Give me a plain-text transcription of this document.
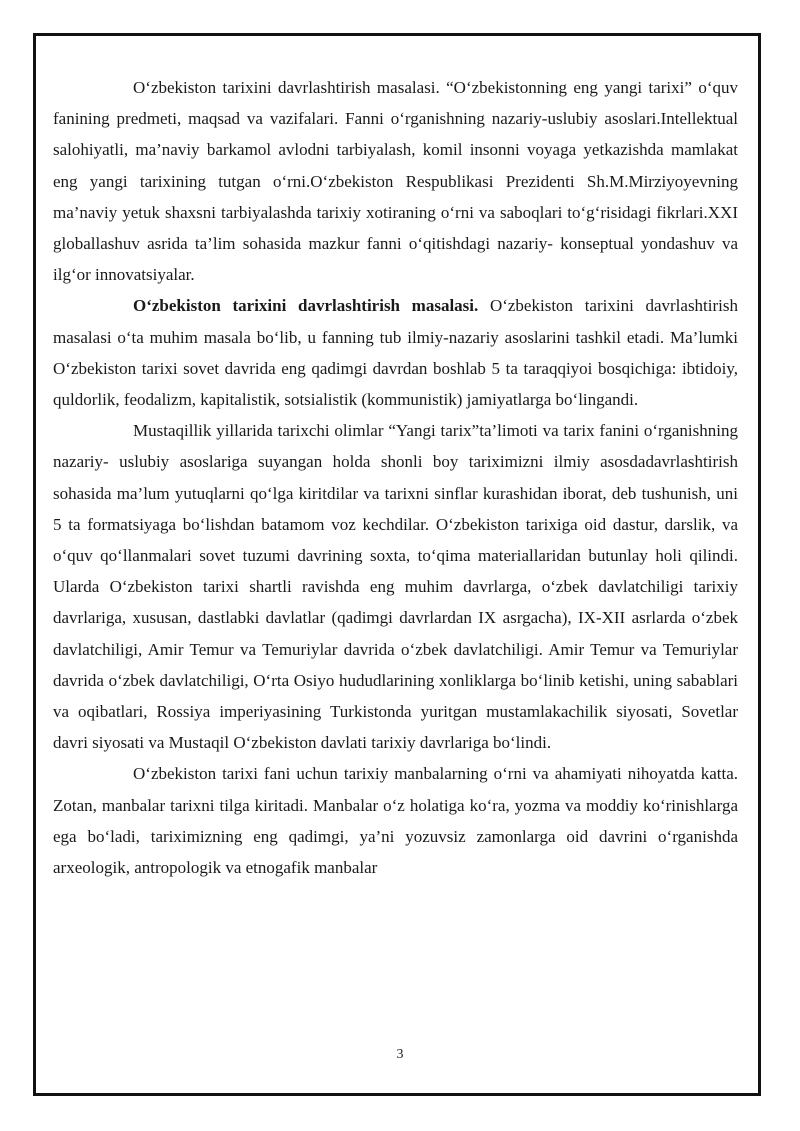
O‘zbekiston tarixini davrlashtirish masalasi. “O‘zbekistonning eng yangi tarixi” o‘quv fanining predmeti, maqsad va vazifalari. Fanni o‘rganishning nazariy-uslubiy asoslari.Intellektual salohiyatli, ma’naviy barkamol avlodni tarbiyalash, komil insonni voyaga yetkazishda mamlakat eng yangi tarixining tutgan o‘rni.O‘zbekiston Respublikasi Prezidenti Sh.M.Mirziyoyevning ma’naviy yetuk shaxsni tarbiyalashda tarixiy xotiraning o‘rni va saboqlari to‘g‘risidagi fikrlari.XXI globallashuv asrida ta’lim sohasida mazkur fanni o‘qitishdagi nazariy- konseptual yondashuv va ilg‘or innovatsiyalar.

O‘zbekiston tarixini davrlashtirish masalasi. O‘zbekiston tarixini davrlashtirish masalasi o‘ta muhim masala bo‘lib, u fanning tub ilmiy-nazariy asoslarini tashkil etadi. Ma’lumki O‘zbekiston tarixi sovet davrida eng qadimgi davrdan boshlab 5 ta taraqqiyoi bosqichiga: ibtidoiy, quldorlik, feodalizm, kapitalistik, sotsialistik (kommunistik) jamiyatlarga bo‘lingandi.

Mustaqillik yillarida tarixchi olimlar “Yangi tarix”ta’limoti va tarix fanini o‘rganishning nazariy- uslubiy asoslariga suyangan holda shonli boy tariximizni ilmiy asosdadavrlashtirish sohasida ma’lum yutuqlarni qo‘lga kiritdilar va tarixni sinflar kurashidan iborat, deb tushunish, uni 5 ta formatsiyaga bo‘lishdan batamom voz kechdilar. O‘zbekiston tarixiga oid dastur, darslik, va o‘quv qo‘llanmalari sovet tuzumi davrining soxta, to‘qima materiallaridan butunlay holi qilindi. Ularda O‘zbekiston tarixi shartli ravishda eng muhim davrlarga, o‘zbek davlatchiligi tarixiy davrlariga, xususan, dastlabki davlatlar (qadimgi davrlardan IX asrgacha), IX-XII asrlarda o‘zbek davlatchiligi, Amir Temur va Temuriylar davrida o‘zbek davlatchiligi. Amir Temur va Temuriylar davrida o‘zbek davlatchiligi, O‘rta Osiyo hududlarining xonliklarga bo‘linib ketishi, uning sabablari va oqibatlari, Rossiya imperiyasining Turkistonda yuritgan mustamlakachilik siyosati, Sovetlar davri siyosati va Mustaqil O‘zbekiston davlati tarixiy davrlariga bo‘lindi.

O‘zbekiston tarixi fani uchun tarixiy manbalarning o‘rni va ahamiyati nihoyatda katta. Zotan, manbalar tarixni tilga kiritadi. Manbalar o‘z holatiga ko‘ra, yozma va moddiy ko‘rinishlarga ega bo‘ladi, tariximizning eng qadimgi, ya’ni yozuvsiz zamonlarga oid davrini o‘rganishda arxeologik, antropologik va etnogafik manbalar

3
